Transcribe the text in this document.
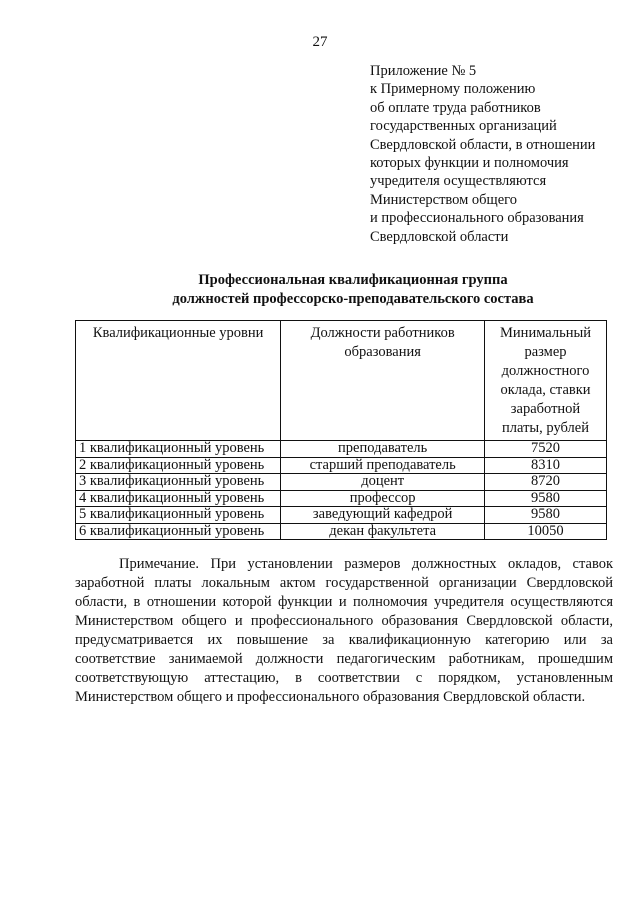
27
Приложение № 5
к Примерному положению
об оплате труда работников
государственных организаций
Свердловской области, в отношении
которых функции и полномочия
учредителя осуществляются
Министерством общего
и профессионального образования
Свердловской области
Профессиональная квалификационная группа
должностей профессорско-преподавательского состава
Квалификационные уровни	Должности работников образования	Минимальный размер должностного оклада, ставки заработной платы, рублей
1 квалификационный уровень	преподаватель	7520
2 квалификационный уровень	старший преподаватель	8310
3 квалификационный уровень	доцент	8720
4 квалификационный уровень	профессор	9580
5 квалификационный уровень	заведующий кафедрой	9580
6 квалификационный уровень	декан факультета	10050
Примечание. При установлении размеров должностных окладов, ставок заработной платы локальным актом государственной организации Свердловской области, в отношении которой функции и полномочия учредителя осуществляются Министерством общего и профессионального образования Свердловской области, предусматривается их повышение за квалификационную категорию или за соответствие занимаемой должности педагогическим работникам, прошедшим соответствующую аттестацию, в соответствии с порядком, установленным Министерством общего и профессионального образования Свердловской области.
